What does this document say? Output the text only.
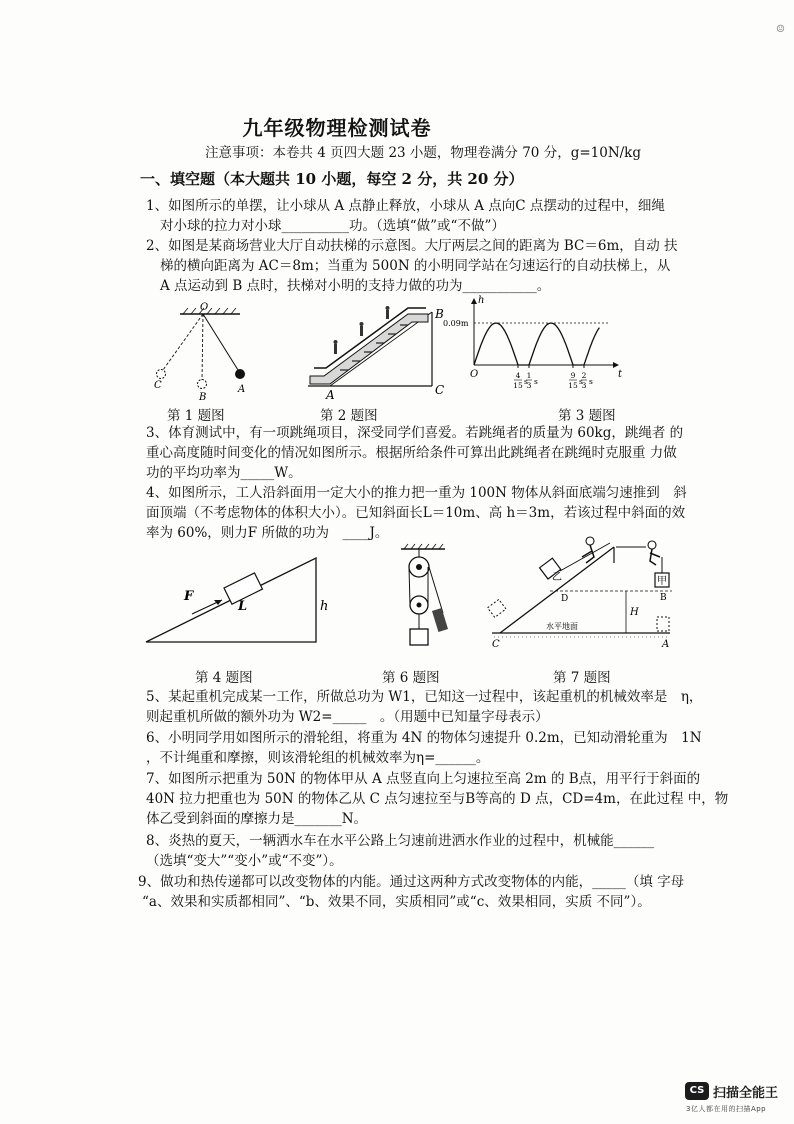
☺
九年级物理检测试卷
注意事项：本卷共 4 页四大题 23 小题，物理卷满分 70 分，g=10N/kg
一、填空题（本大题共 10 小题，每空 2 分，共 20 分）
1、如图所示的单摆，让小球从 A 点静止释放，小球从 A 点向C 点摆动的过程中，细绳
对小球的拉力对小球__________功。（选填“做”或“不做”）
2、如图是某商场营业大厅自动扶梯的示意图。大厅两层之间的距离为 BC＝6m，自动 扶
梯的横向距离为 AC＝8m；当重为 500N 的小明同学站在匀速运行的自动扶梯上，从
A 点运动到 B 点时，扶梯对小明的支持力做的功为___________。
O
A
B
C
第 1 题图
B
C
A
第 2 题图
h
t
O
0.09m
4
15 s
1
3 s
9
15 s
2
3 s
第 3 题图
3、体育测试中，有一项跳绳项目，深受同学们喜爱。若跳绳者的质量为 60kg，跳绳者 的
重心高度随时间变化的情况如图所示。根据所给条件可算出此跳绳者在跳绳时克服重 力做
功的平均功率为_____W。
4、如图所示，工人沿斜面用一定大小的推力把一重为 100N 物体从斜面底端匀速推到　斜
面顶端（不考虑物体的体积大小）。已知斜面长L＝10m、高 h＝3m，若该过程中斜面的效
率为 60%，则力F 所做的功为　____J。
F
L	h
第 4 题图	第 6 题图
乙	甲
H
D	B
C	A
水平地面
第 7 题图
5、某起重机完成某一工作，所做总功为 W1，已知这一过程中，该起重机的机械效率是　η，
则起重机所做的额外功为 W2=_____　。（用题中已知量字母表示）
6、小明同学用如图所示的滑轮组，将重为 4N 的物体匀速提升 0.2m，已知动滑轮重为　1N
，不计绳重和摩擦，则该滑轮组的机械效率为η=______。
7、如图所示把重为 50N 的物体甲从 A 点竖直向上匀速拉至高 2m 的 B点，用平行于斜面的
40N 拉力把重也为 50N 的物体乙从 C 点匀速拉至与B等高的 D 点，CD=4m，在此过程 中，物
体乙受到斜面的摩擦力是_______N。
8、炎热的夏天，一辆洒水车在水平公路上匀速前进洒水作业的过程中，机械能______
（选填“变大”“变小”或“不变”）。
9、做功和热传递都可以改变物体的内能。通过这两种方式改变物体的内能，_____（填 字母
“a、效果和实质都相同”、“b、效果不同，实质相同”或“c、效果相同，实质 不同”）。
CS 扫描全能王
3亿人都在用的扫描App
